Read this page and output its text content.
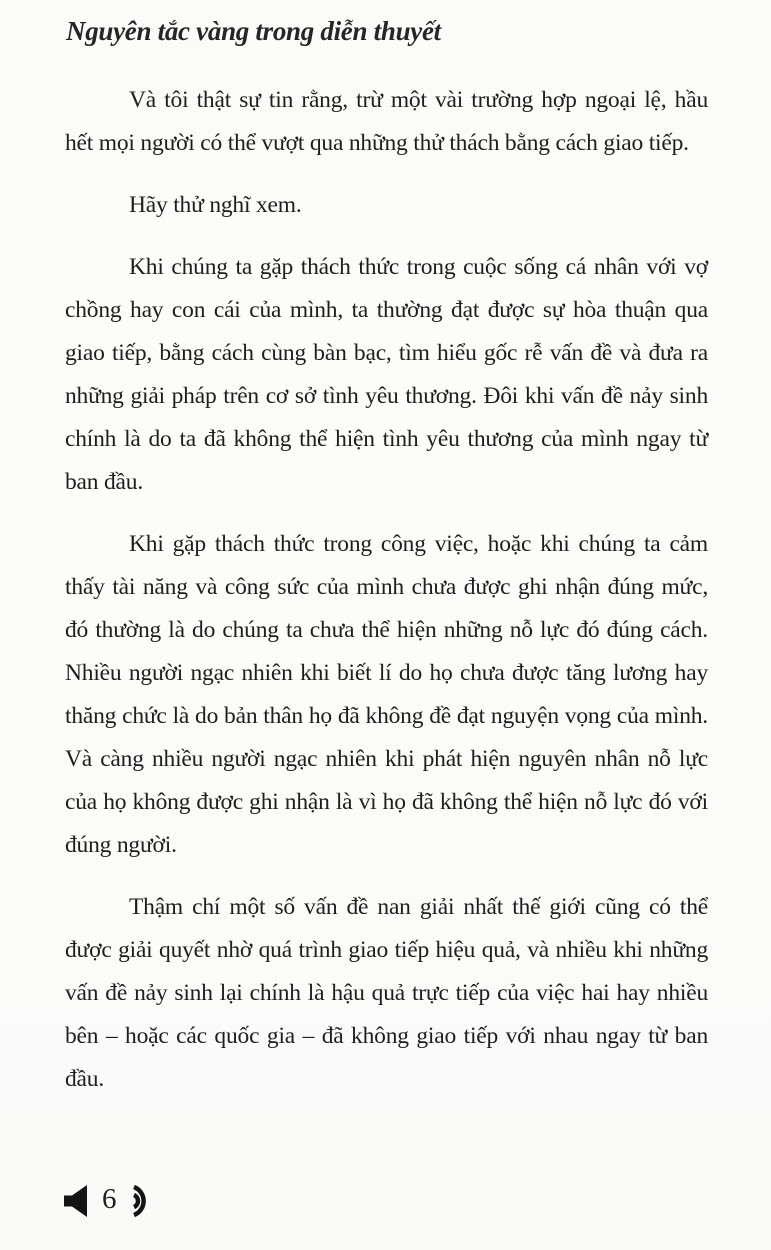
Nguyên tắc vàng trong diễn thuyết

Và tôi thật sự tin rằng, trừ một vài trường hợp ngoại lệ, hầu hết mọi người có thể vượt qua những thử thách bằng cách giao tiếp.

Hãy thử nghĩ xem.

Khi chúng ta gặp thách thức trong cuộc sống cá nhân với vợ chồng hay con cái của mình, ta thường đạt được sự hòa thuận qua giao tiếp, bằng cách cùng bàn bạc, tìm hiểu gốc rễ vấn đề và đưa ra những giải pháp trên cơ sở tình yêu thương. Đôi khi vấn đề nảy sinh chính là do ta đã không thể hiện tình yêu thương của mình ngay từ ban đầu.

Khi gặp thách thức trong công việc, hoặc khi chúng ta cảm thấy tài năng và công sức của mình chưa được ghi nhận đúng mức, đó thường là do chúng ta chưa thể hiện những nỗ lực đó đúng cách. Nhiều người ngạc nhiên khi biết lí do họ chưa được tăng lương hay thăng chức là do bản thân họ đã không đề đạt nguyện vọng của mình. Và càng nhiều người ngạc nhiên khi phát hiện nguyên nhân nỗ lực của họ không được ghi nhận là vì họ đã không thể hiện nỗ lực đó với đúng người.

Thậm chí một số vấn đề nan giải nhất thế giới cũng có thể được giải quyết nhờ quá trình giao tiếp hiệu quả, và nhiều khi những vấn đề nảy sinh lại chính là hậu quả trực tiếp của việc hai hay nhiều bên – hoặc các quốc gia – đã không giao tiếp với nhau ngay từ ban đầu.

6
